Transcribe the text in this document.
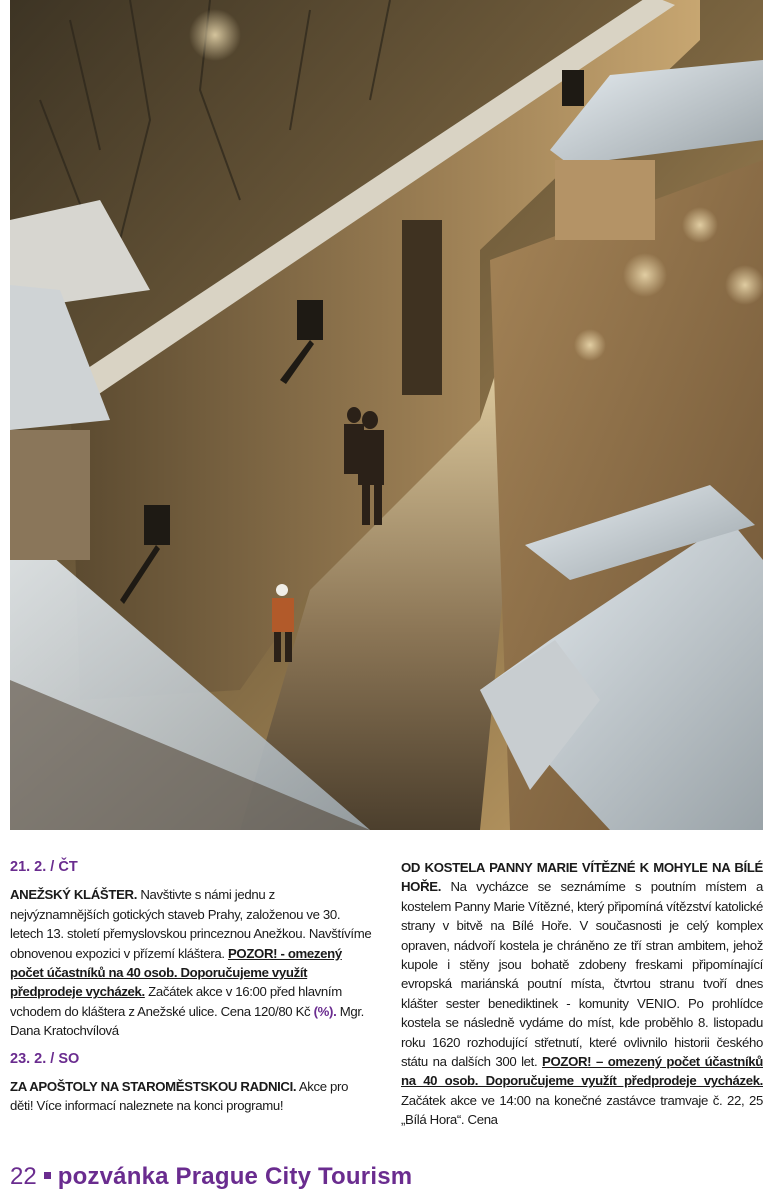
21. 2. / ČT

ANEŽSKÝ KLÁŠTER. Navštivte s námi jednu z nejvýznamnějších gotických staveb Prahy, založenou ve 30. letech 13. století přemyslovskou princeznou Anežkou. Navštívíme obnovenou expozici v přízemí kláštera. POZOR! - omezený počet účastníků na 40 osob. Doporučujeme využít předprodeje vycházek. Začátek akce v 16:00 před hlavním vchodem do kláštera z Anežské ulice. Cena 120/80 Kč (%). Mgr. Dana Kratochvílová

23. 2. / SO

ZA APOŠTOLY NA STAROMĚSTSKOU RADNICI. Akce pro děti! Více informací naleznete na konci programu!

OD KOSTELA PANNY MARIE VÍTĚZNÉ K MOHYLE NA BÍLÉ HOŘE. Na vycházce se seznámíme s poutním místem a kostelem Panny Marie Vítězné, který připomíná vítězství katolické strany v bitvě na Bílé Hoře. V současnosti je celý komplex opraven, nádvoří kostela je chráněno ze tří stran ambitem, jehož kupole i stěny jsou bohatě zdobeny freskami připomínající evropská mariánská poutní místa, čtvrtou stranu tvoří dnes klášter sester benediktinek - komunity VENIO. Po prohlídce kostela se následně vydáme do míst, kde proběhlo 8. listopadu roku 1620 rozhodující střetnutí, které ovlivnilo historii českého státu na dalších 300 let. POZOR! – omezený počet účastníků na 40 osob. Doporučujeme využít předprodeje vycházek. Začátek akce ve 14:00 na konečné zastávce tramvaje č. 22, 25 „Bílá Hora“. Cena

22 pozvánka Prague City Tourism
